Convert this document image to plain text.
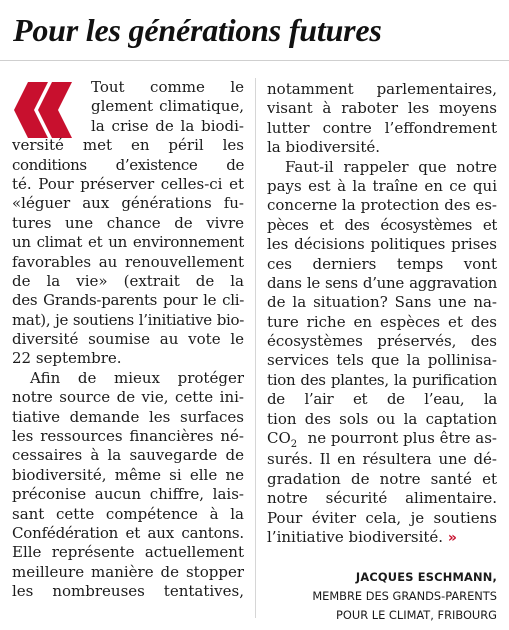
Pour les générations futures
Tout comme le
glement climatique,
la crise de la biodi-
versité met en péril les
conditions d’existence de
té. Pour préserver celles-ci et
«léguer aux générations fu-
tures une chance de vivre
un climat et un environnement
favorables au renouvellement
de la vie» (extrait de la
des Grands-parents pour le cli-
mat), je soutiens l’initiative bio-
diversité soumise au vote le
22 septembre.
Afin de mieux protéger
notre source de vie, cette ini-
tiative demande les surfaces
les ressources financières né-
cessaires à la sauvegarde de
biodiversité, même si elle ne
préconise aucun chiffre, lais-
sant cette compétence à la
Confédération et aux cantons.
Elle représente actuellement
meilleure manière de stopper
les nombreuses tentatives,
notamment parlementaires,
visant à raboter les moyens
lutter contre l’effondrement
la biodiversité.
Faut-il rappeler que notre
pays est à la traîne en ce qui
concerne la protection des es-
pèces et des écosystèmes et
les décisions politiques prises
ces derniers temps vont
dans le sens d’une aggravation
de la situation? Sans une na-
ture riche en espèces et des
écosystèmes préservés, des
services tels que la pollinisa-
tion des plantes, la purification
de l’air et de l’eau, la
tion des sols ou la captation
$CO_2$ ne pourront plus être as-
surés. Il en résultera une dé-
gradation de notre santé et
notre sécurité alimentaire.
Pour éviter cela, je soutiens
l’initiative biodiversité. »
JACQUES ESCHMANN,
MEMBRE DES GRANDS-PARENTS
POUR LE CLIMAT, FRIBOURG
